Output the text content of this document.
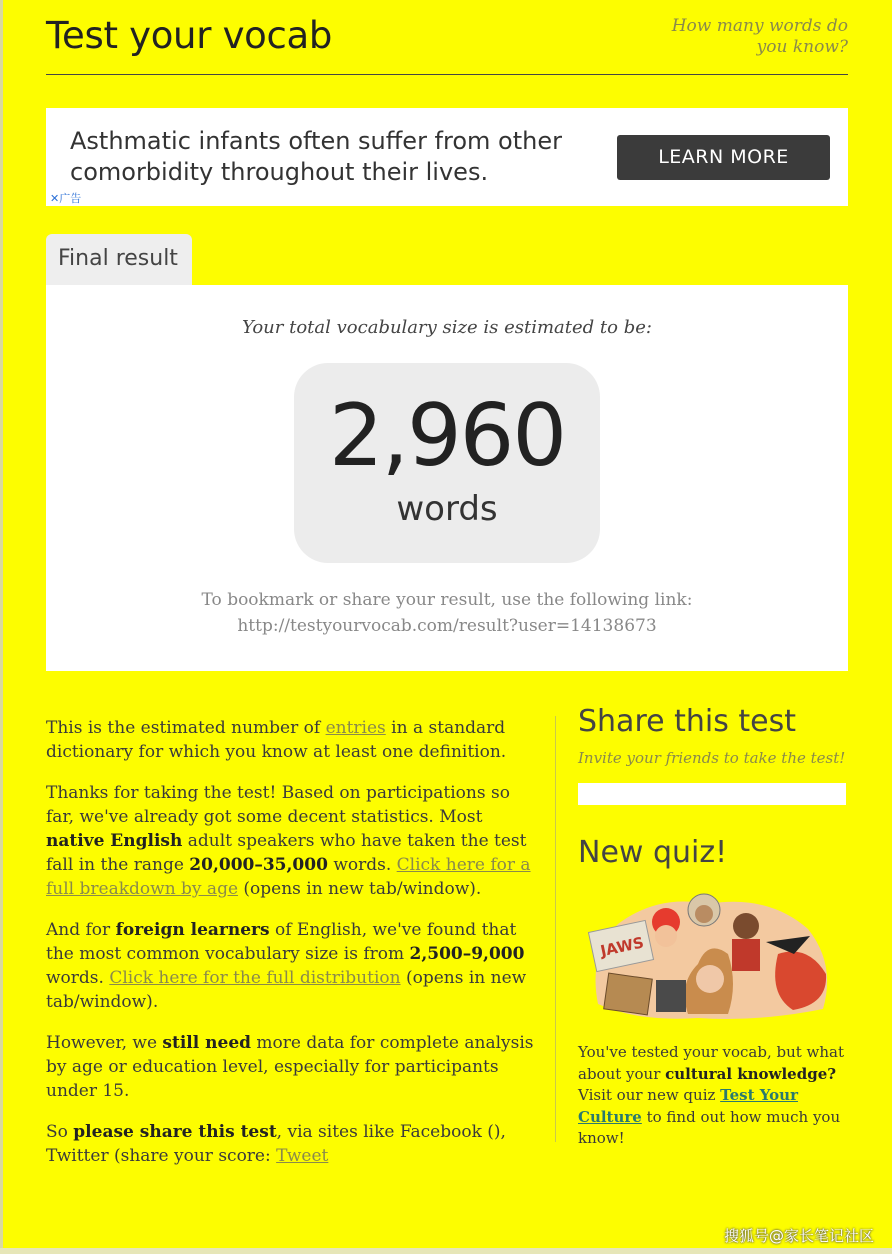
Test your vocab	How many words do you know?
Asthmatic infants often suffer from other comorbidity throughout their lives.
LEARN MORE
✕广告
Final result
Your total vocabulary size is estimated to be:
2,960
words
To bookmark or share your result, use the following link:
http://testyourvocab.com/result?user=14138673

This is the estimated number of entries in a standard dictionary for which you know at least one definition.

Thanks for taking the test! Based on participations so far, we've already got some decent statistics. Most native English adult speakers who have taken the test fall in the range 20,000–35,000 words. Click here for a full breakdown by age (opens in new tab/window).

And for foreign learners of English, we've found that the most common vocabulary size is from 2,500–9,000 words. Click here for the full distribution (opens in new tab/window).

However, we still need more data for complete analysis by age or education level, especially for participants under 15.

So please share this test, via sites like Facebook (), Twitter (share your score: Tweet

Share this test
Invite your friends to take the test!
New quiz!
JAWS
You've tested your vocab, but what about your cultural knowledge? Visit our new quiz Test Your Culture to find out how much you know!
搜狐号@家长笔记社区
